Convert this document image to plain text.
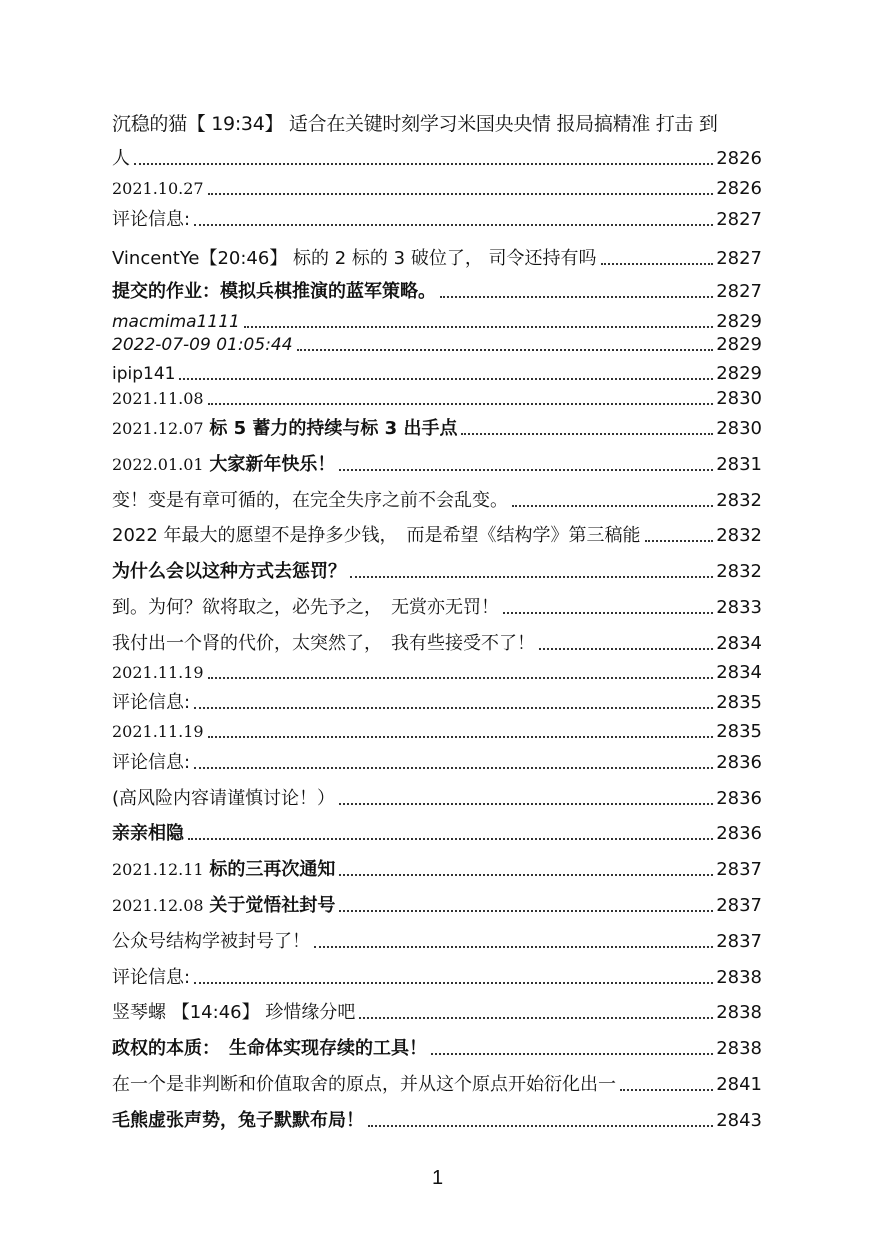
沉稳的猫【 19:34】 适合在关键时刻学习米国央央情 报局搞精准 打击 到
人	2826
2021.10.27	2826
评论信息:	2827
VincentYe【20:46】 标的 2 标的 3 破位了， 司令还持有吗	2827
提交的作业：模拟兵棋推演的蓝军策略。	2827
macmima1111	2829
2022-07-09 01:05:44	2829
ipip141	2829
2021.11.08	2830
2021.12.07 标 5 蓄力的持续与标 3 出手点	2830
2022.01.01 大家新年快乐！	2831
变！变是有章可循的，在完全失序之前不会乱变。	2832
2022 年最大的愿望不是挣多少钱，　而是希望《结构学》第三稿能	2832
为什么会以这种方式去惩罚？	2832
到。为何？欲将取之，必先予之，　无赏亦无罚！	2833
我付出一个肾的代价，太突然了，　我有些接受不了！	2834
2021.11.19	2834
评论信息:	2835
2021.11.19	2835
评论信息:	2836
(高风险内容请谨慎讨论！）	2836
亲亲相隐	2836
2021.12.11 标的三再次通知	2837
2021.12.08 关于觉悟社封号	2837
公众号结构学被封号了！	2837
评论信息:	2838
竖琴螺 【14:46】 珍惜缘分吧	2838
政权的本质：　生命体实现存续的工具！	2838
在一个是非判断和价值取舍的原点，并从这个原点开始衍化出一	2841
毛熊虚张声势，兔子默默布局！	2843
1
